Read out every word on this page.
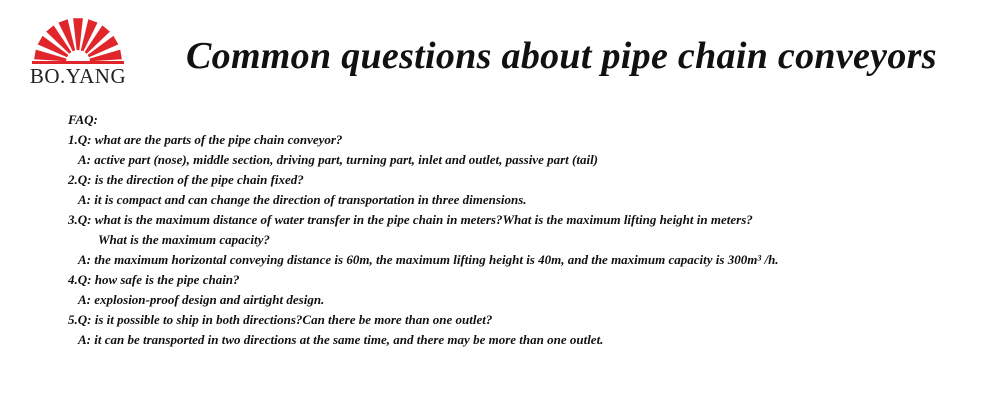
BO.YANG	Common questions about pipe chain conveyors
FAQ:
1.Q: what are the parts of the pipe chain conveyor?
A: active part (nose), middle section, driving part, turning part, inlet and outlet, passive part (tail)
2.Q: is the direction of the pipe chain fixed?
A: it is compact and can change the direction of transportation in three dimensions.
3.Q: what is the maximum distance of water transfer in the pipe chain in meters?What is the maximum lifting height in meters?
What is the maximum capacity?
A: the maximum horizontal conveying distance is 60m, the maximum lifting height is 40m, and the maximum capacity is 300m³ /h.
4.Q: how safe is the pipe chain?
A: explosion-proof design and airtight design.
5.Q: is it possible to ship in both directions?Can there be more than one outlet?
A: it can be transported in two directions at the same time, and there may be more than one outlet.
